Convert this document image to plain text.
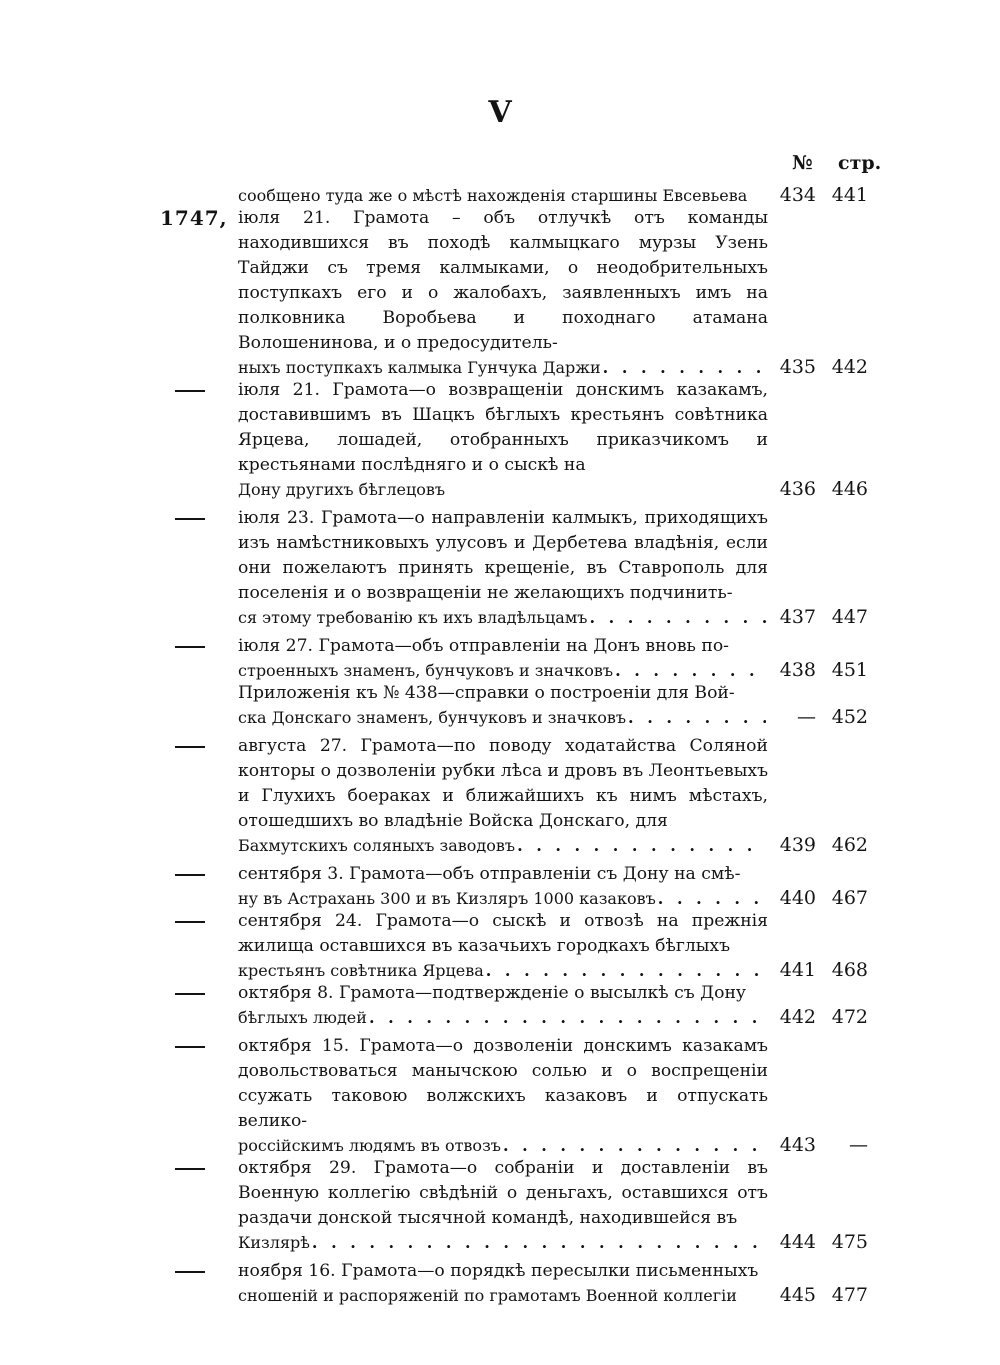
V
№ стр.
сообщено туда же о мѣстѣ нахожденія старшины Евсевьева	434 441
1747, іюля 21. Грамота – объ отлучкѣ отъ команды находившихся въ походѣ калмыцкаго мурзы Узень Тайджи съ тремя калмыками, о неодобрительныхъ поступкахъ его и о жалобахъ, заявленныхъ имъ на полковника Воробьева и походнаго атамана Волошенинова, и о предосудитель-
ныхъ поступкахъ калмыка Гунчука Даржи . . .	435 442
іюля 21. Грамота—о возвращеніи донскимъ казакамъ, доставившимъ въ Шацкъ бѣглыхъ крестьянъ совѣтника Ярцева, лошадей, отобранныхъ приказчикомъ и крестьянами послѣдняго и о сыскѣ на
Дону другихъ бѣглецовъ	436 446
іюля 23. Грамота—о направленіи калмыкъ, приходящихъ изъ намѣстниковыхъ улусовъ и Дербетева владѣнія, если они пожелаютъ принять крещеніе, въ Ставрополь для поселенія и о возвращеніи не желающихъ подчинить-
ся этому требованію къ ихъ владѣльцамъ . . .	437 447
іюля 27. Грамота—объ отправленіи на Донъ вновь по-
строенныхъ знаменъ, бунчуковъ и значковъ . . .	438 451
Приложенія къ № 438—справки о построеніи для Вой-
ска Донскаго знаменъ, бунчуковъ и значковъ . . .	— 452
августа 27. Грамота—по поводу ходатайства Соляной конторы о дозволеніи рубки лѣса и дровъ въ Леонтьевыхъ и Глухихъ боераках и ближайшихъ къ нимъ мѣстахъ, отошедшихъ во владѣніе Войска Донскаго, для
Бахмутскихъ соляныхъ заводовъ . . .	439 462
сентября 3. Грамота—объ отправленіи съ Дону на смѣ-
ну въ Астрахань 300 и въ Кизляръ 1000 казаковъ . . .	440 467
сентября 24. Грамота—о сыскѣ и отвозѣ на прежнія жилища оставшихся въ казачьихъ городкахъ бѣглыхъ
крестьянъ совѣтника Ярцева . . .	441 468
октября 8. Грамота—подтвержденіе о высылкѣ съ Дону
бѣглыхъ людей . . .	442 472
октября 15. Грамота—о дозволеніи донскимъ казакамъ довольствоваться манычскою солью и о воспрещеніи ссужать таковою волжскихъ казаковъ и отпускать велико-
россійскимъ людямъ въ отвозъ . . .	443	—
октября 29. Грамота—о собраніи и доставленіи въ Военную коллегію свѣдѣній о деньгахъ, оставшихся отъ раздачи донской тысячной командѣ, находившейся въ
Кизлярѣ . . .	444 475
ноября 16. Грамота—о порядкѣ пересылки письменныхъ
сношеній и распоряженій по грамотамъ Военной коллегіи	445 477
